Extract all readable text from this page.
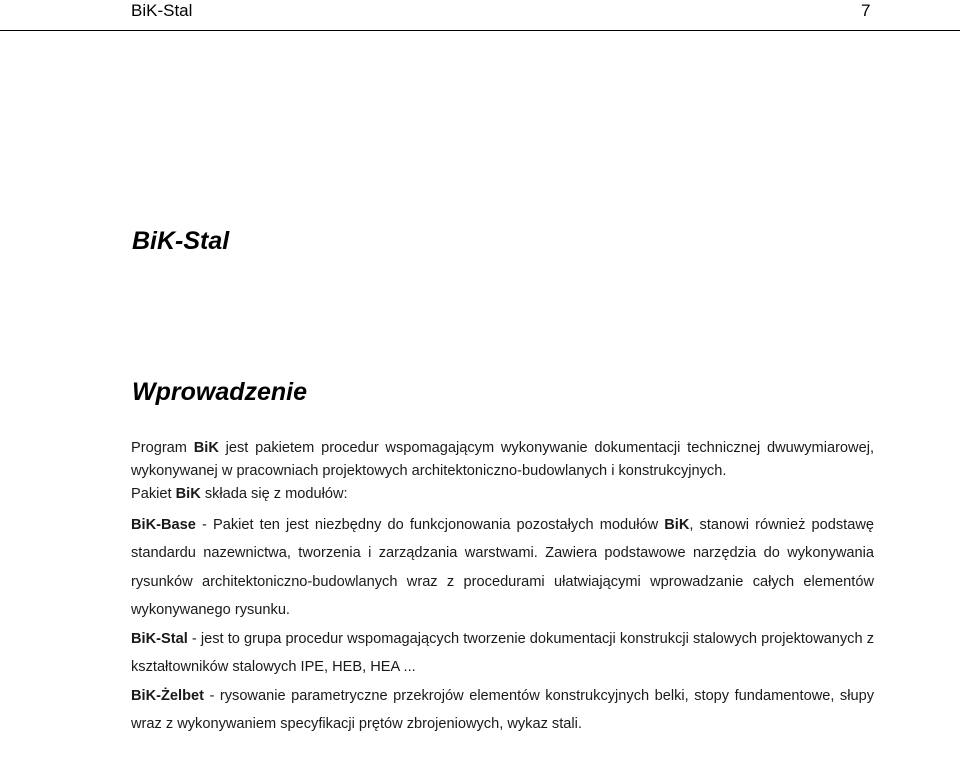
BiK-Stal	7
BiK-Stal
Wprowadzenie

Program BiK jest pakietem procedur wspomagającym wykonywanie dokumentacji technicznej dwuwymiarowej, wykonywanej w pracowniach projektowych architektoniczno-budowlanych i konstrukcyjnych.

Pakiet BiK składa się z modułów:

BiK-Base - Pakiet ten jest niezbędny do funkcjonowania pozostałych modułów BiK, stanowi również podstawę standardu nazewnictwa, tworzenia i zarządzania warstwami. Zawiera podstawowe narzędzia do wykonywania rysunków architektoniczno-budowlanych wraz z procedurami ułatwiającymi wprowadzanie całych elementów wykonywanego rysunku.

BiK-Stal - jest to grupa procedur wspomagających tworzenie dokumentacji konstrukcji stalowych projektowanych z kształtowników stalowych IPE, HEB, HEA ...

BiK-Żelbet - rysowanie parametryczne przekrojów elementów konstrukcyjnych belki, stopy fundamentowe, słupy wraz z wykonywaniem specyfikacji prętów zbrojeniowych, wykaz stali.
